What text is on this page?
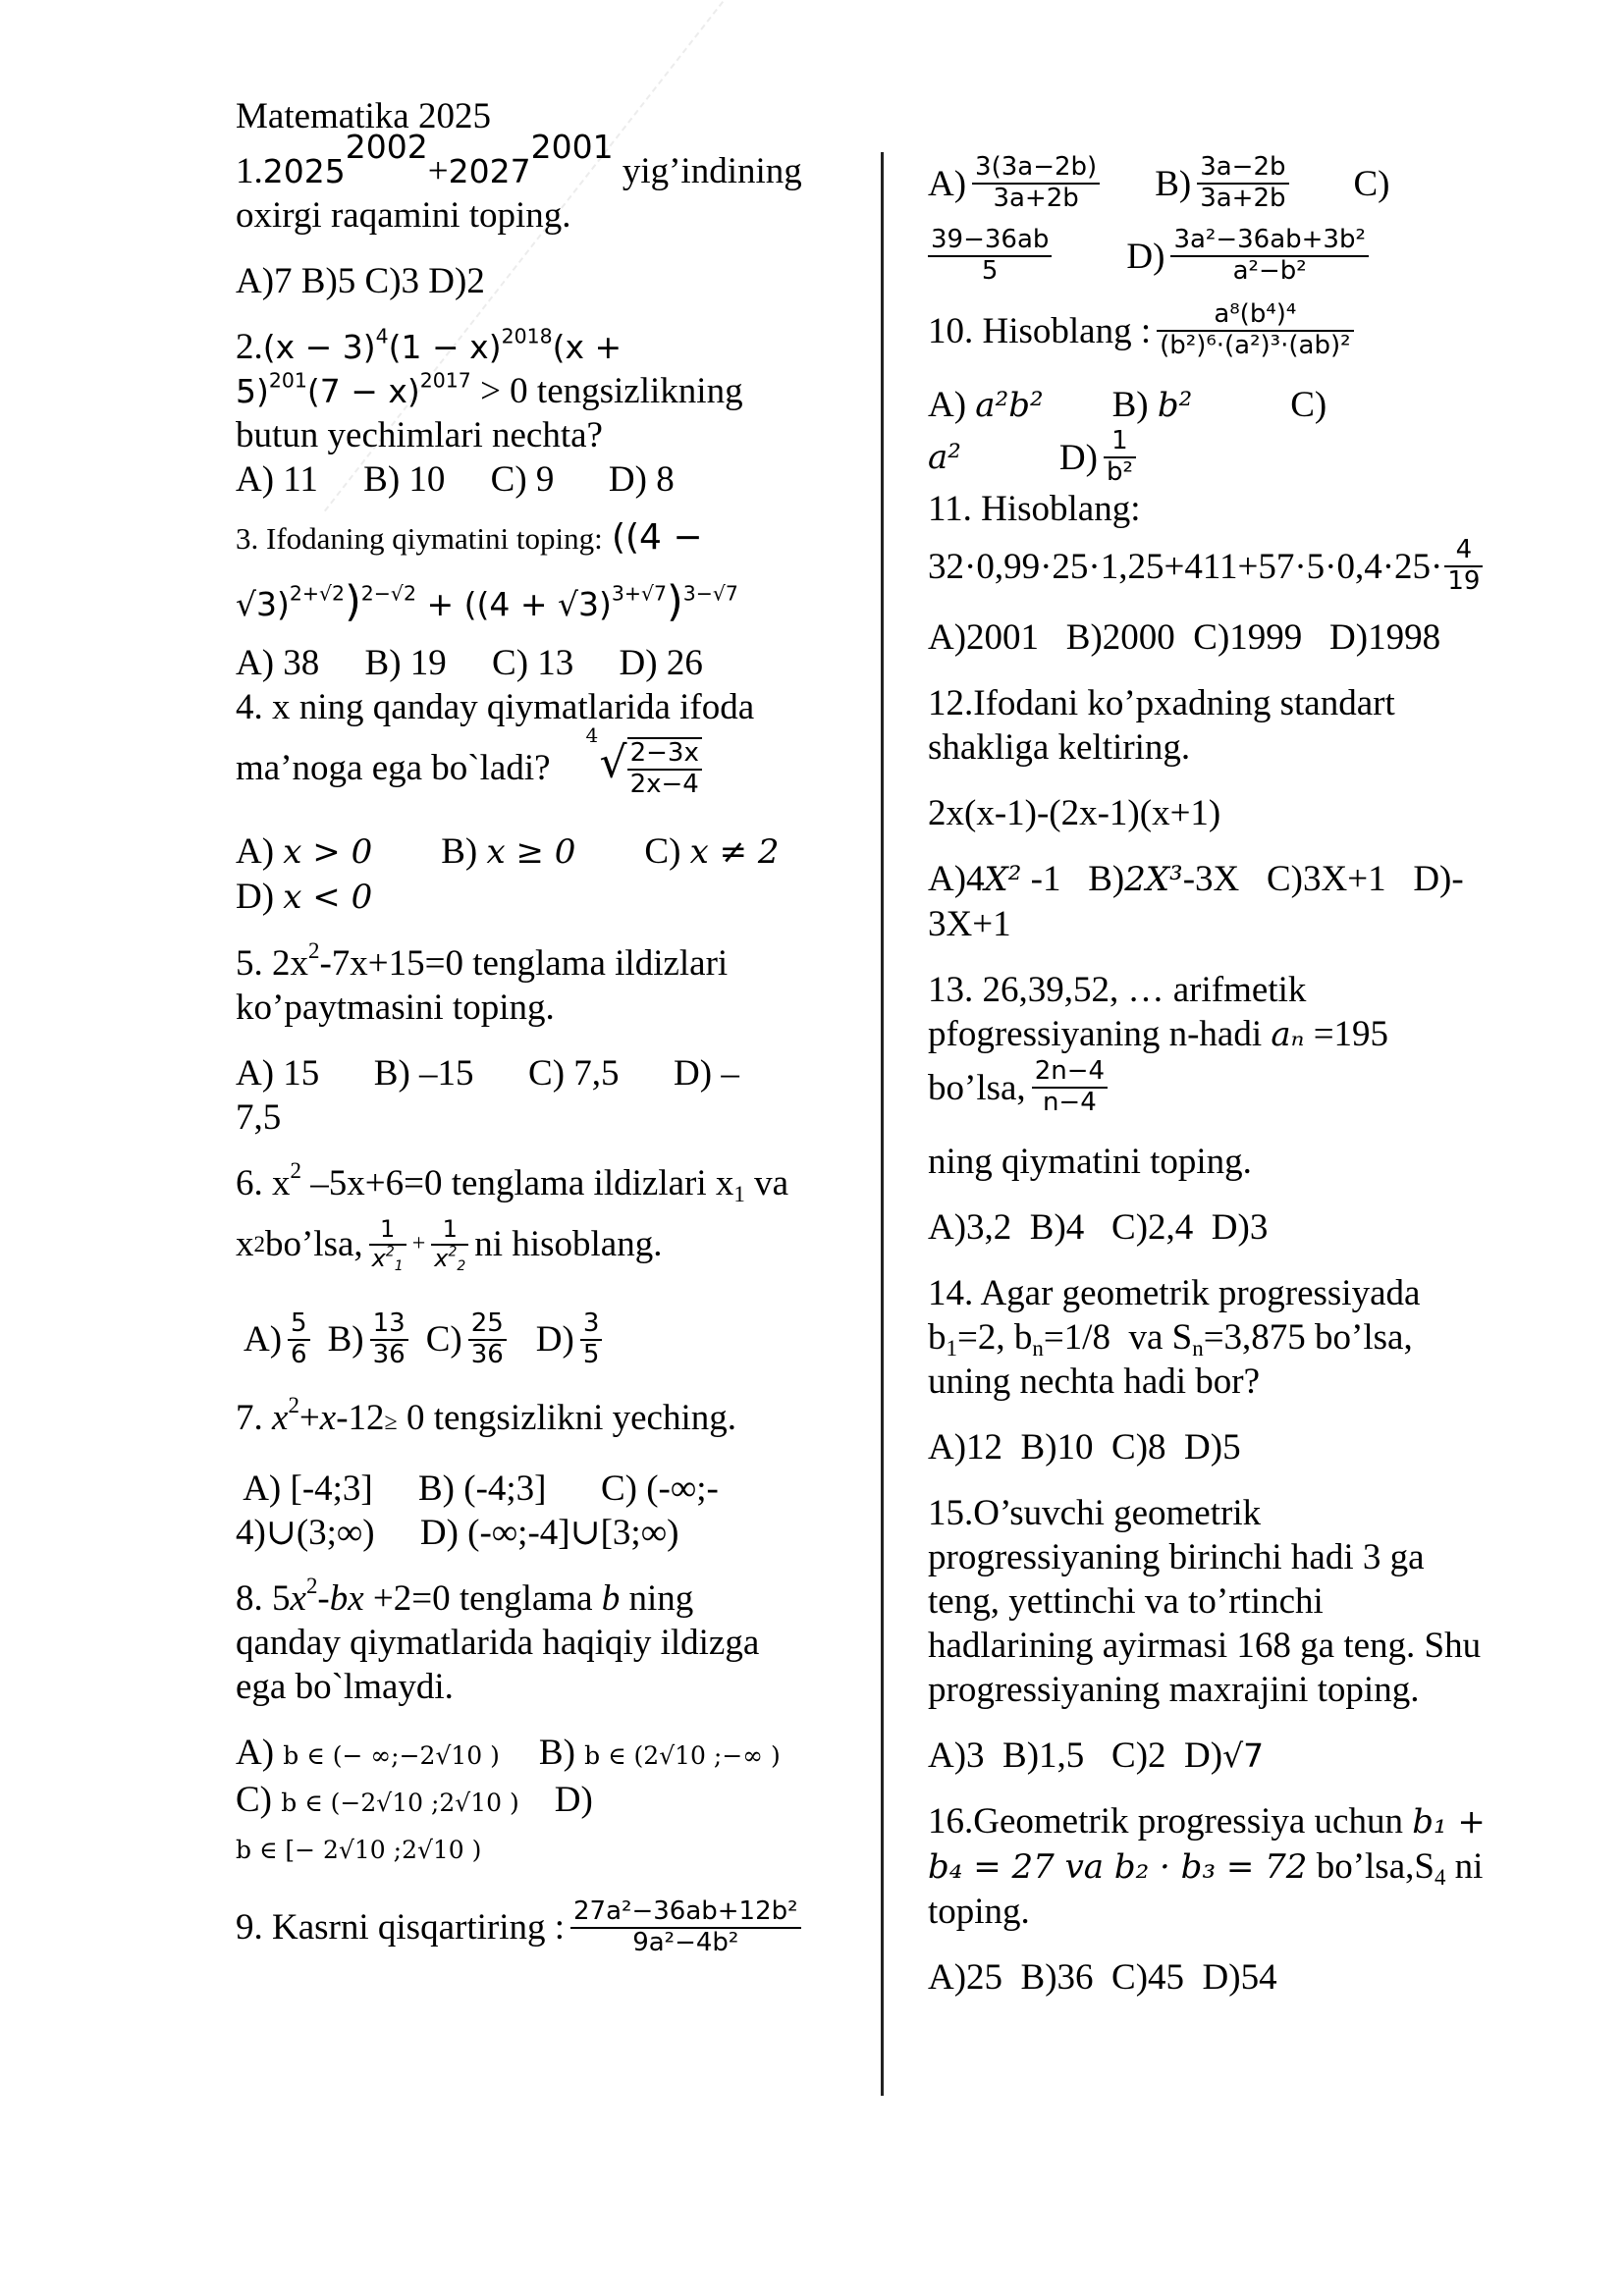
Matematika 2025
$1.2025^{2002}+2027^{2001}$ yig’indining
oxirgi raqamini toping.
A)7 B)5 C)3 D)2
$2.(x - 3)^4(1 - x)^{2018}(x$ +
$5)^{201}(7 - x)^{2017} > 0$ tengsizlikning
butun yechimlari nechta?
A) 11     B) 10     C) 9      D) 8
3. Ifodaning qiymatini toping: ((4 −
$√3)^{2+√2})^{2-√2} + ((4 + √3)^{3+√7})^{3-√7}$
A) 38     B) 19     C) 13     D) 26
4. x ning qanday qiymatlarida ifoda
ma’noga ega bo`ladi?
4
√ $\frac{2-3x}{2x-4}$
A) x > 0 B) x ≥ 0 C) x ≠ 2
D) x < 0
5. $2x^2-7x+15=0$ tenglama ildizlari
ko’paytmasini toping.
A) 15      B) –15      C) 7,5      D) –
7,5
6. $x^2$ –5x+6=0 tenglama ildizlari $x_1$ va
x 2 bo’lsa, 1
$x^2_1$
+ $\frac{1}{x^2_2}$ ni hisoblang.
A) 5
6 B) 13
36 C) 25
36 D) 3
5
7. $x^2+x-12\ge 0$ tengsizlikni yeching.
A) [-4;3]     B) (-4;3]      C) (-∞;-
4)∪(3;∞)     D) (-∞;-4]∪[3;∞)
8. $5x^2-bx +2=0$ tenglama b ning
qanday qiymatlarida haqiqiy ildizga
ega bo`lmaydi.
A) b ∈ (− ∞;−2√10 ) B) b ∈ (2√10 ;−∞ )
C) b ∈ (−2√10 ;2√10 ) D)
b ∈ [− 2√10 ;2√10 )
9. Kasrni qisqartiring : $\frac{\text{27a²−36ab+12b²}}{\text{9a²−4b²}}$
A) 3(3a−2b)
3a+2b	B) 3a−2b
3a+2b C)
39−36ab
5	D) 3a²−36ab+3b²
a²−b²
10. Hisoblang : $\frac{\text{a⁸(b⁴)⁴}}{\text{(b²)⁶·(a²)³·(ab)²}}$
A) a²b² B) b²	C)
a²	D) 1
b²
11. Hisoblang:
32·0,99·25·1,25+411+57·5·0,4·25· 4
19
A)2001   B)2000  C)1999   D)1998
12.Ifodani ko’pxadning standart
shakliga keltiring.
2x(x-1)-(2x-1)(x+1)
A)4X² -1   B)2X³-3X   C)3X+1   D)-
3X+1
13. 26,39,52, … arifmetik
pfogressiyaning n-hadi aₙ =195
bo’lsa, 2n−4
n−4
ning qiymatini toping.
A)3,2  B)4   C)2,4  D)3
14. Agar geometrik progressiyada
$b_1=2$, $b_n=1/8$  va $S_n=3,875$ bo’lsa,
uning nechta hadi bor?
A)12  B)10  C)8  D)5
15.O’suvchi geometrik
progressiyaning birinchi hadi 3 ga
teng, yettinchi va to’rtinchi
hadlarining ayirmasi 168 ga teng. Shu
progressiyaning maxrajini toping.
A)3  B)1,5   C)2  D)√7
16.Geometrik progressiya uchun b₁ +
b₄ = 27 va b₂ · b₃ = 72 $bo’lsa,S_4$ ni
toping.
A)25  B)36  C)45  D)54
